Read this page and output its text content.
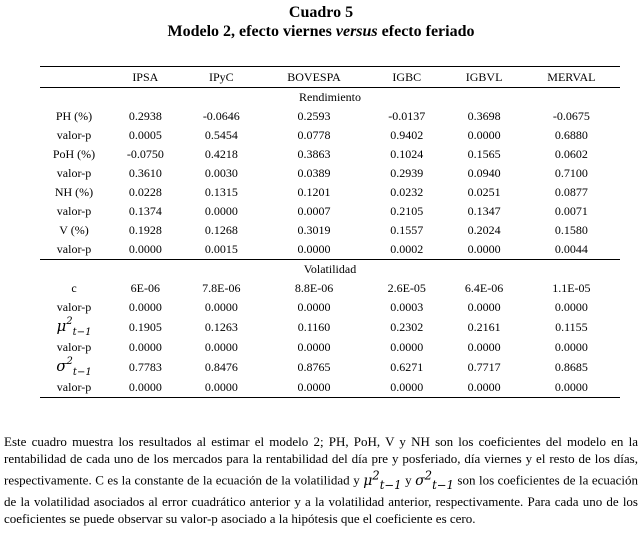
Cuadro 5
Modelo 2, efecto viernes versus efecto feriado
	IPSA	IPyC	BOVESPA	IGBC	IGBVL	MERVAL
Rendimiento						
PH (%)	0.2938	-0.0646	0.2593	-0.0137	0.3698	-0.0675
valor-p	0.0005	0.5454	0.0778	0.9402	0.0000	0.6880
PoH (%)	-0.0750	0.4218	0.3863	0.1024	0.1565	0.0602
valor-p	0.3610	0.0030	0.0389	0.2939	0.0940	0.7100
NH (%)	0.0228	0.1315	0.1201	0.0232	0.0251	0.0877
valor-p	0.1374	0.0000	0.0007	0.2105	0.1347	0.0071
V (%)	0.1928	0.1268	0.3019	0.1557	0.2024	0.1580
valor-p	0.0000	0.0015	0.0000	0.0002	0.0000	0.0044
Volatilidad						
c	6E-06	7.8E-06	8.8E-06	2.6E-05	6.4E-06	1.1E-05
valor-p	0.0000	0.0000	0.0000	0.0003	0.0000	0.0000
$\mu^2_{t-1}$	0.1905	0.1263	0.1160	0.2302	0.2161	0.1155
valor-p	0.0000	0.0000	0.0000	0.0000	0.0000	0.0000
$\sigma^2_{t-1}$	0.7783	0.8476	0.8765	0.6271	0.7717	0.8685
valor-p	0.0000	0.0000	0.0000	0.0000	0.0000	0.0000

Este cuadro muestra los resultados al estimar el modelo 2; PH, PoH, V y NH son los coeficientes del modelo en la rentabilidad de cada uno de los mercados para la rentabilidad del día pre y posferiado, día viernes y el resto de los días, respectivamente. C es la constante de la ecuación de la volatilidad y $\mu^2_{t-1}$ y $\sigma^2_{t-1}$ son los coeficientes de la ecuación de la volatilidad asociados al error cuadrático anterior y a la volatilidad anterior, respectivamente. Para cada uno de los coeficientes se puede observar su valor-p asociado a la hipótesis que el coeficiente es cero.
